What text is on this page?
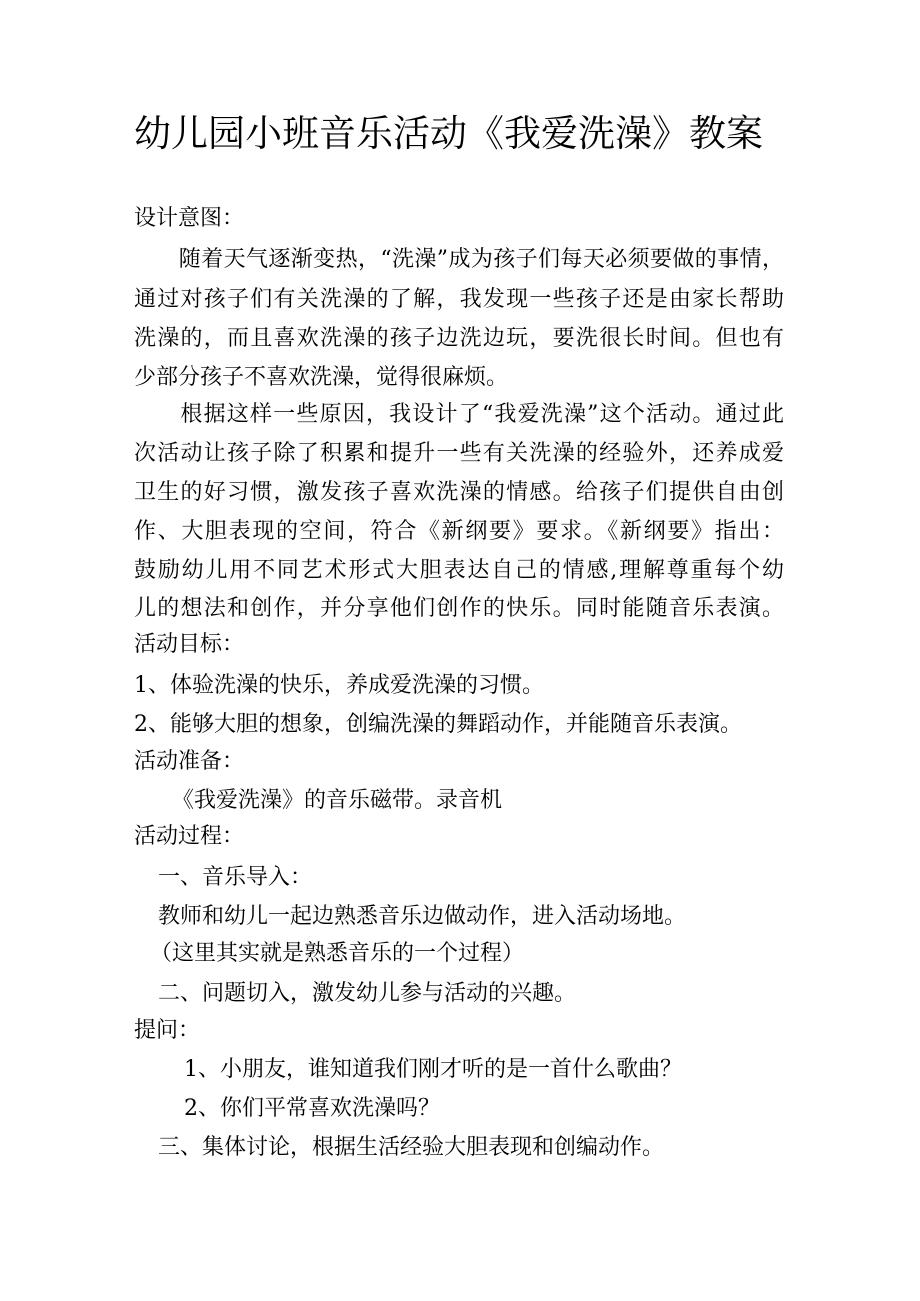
幼儿园小班音乐活动《我爱洗澡》教案
设计意图：
　　随着天气逐渐变热，“洗澡”成为孩子们每天必须要做的事情，
通过对孩子们有关洗澡的了解，我发现一些孩子还是由家长帮助
洗澡的，而且喜欢洗澡的孩子边洗边玩，要洗很长时间。但也有
少部分孩子不喜欢洗澡，觉得很麻烦。
　　根据这样一些原因，我设计了“我爱洗澡”这个活动。通过此
次活动让孩子除了积累和提升一些有关洗澡的经验外，还养成爱
卫生的好习惯，激发孩子喜欢洗澡的情感。给孩子们提供自由创
作、大胆表现的空间，符合《新纲要》要求。《新纲要》指出：
鼓励幼儿用不同艺术形式大胆表达自己的情感,理解尊重每个幼
儿的想法和创作，并分享他们创作的快乐。同时能随音乐表演。
活动目标：
1、体验洗澡的快乐，养成爱洗澡的习惯。
2、能够大胆的想象，创编洗澡的舞蹈动作，并能随音乐表演。
活动准备：
《我爱洗澡》的音乐磁带。录音机
活动过程：
一、音乐导入：
教师和幼儿一起边熟悉音乐边做动作，进入活动场地。
（这里其实就是熟悉音乐的一个过程）
二、问题切入，激发幼儿参与活动的兴趣。
提问：
1、小朋友，谁知道我们刚才听的是一首什么歌曲？
2、你们平常喜欢洗澡吗？
三、集体讨论，根据生活经验大胆表现和创编动作。
